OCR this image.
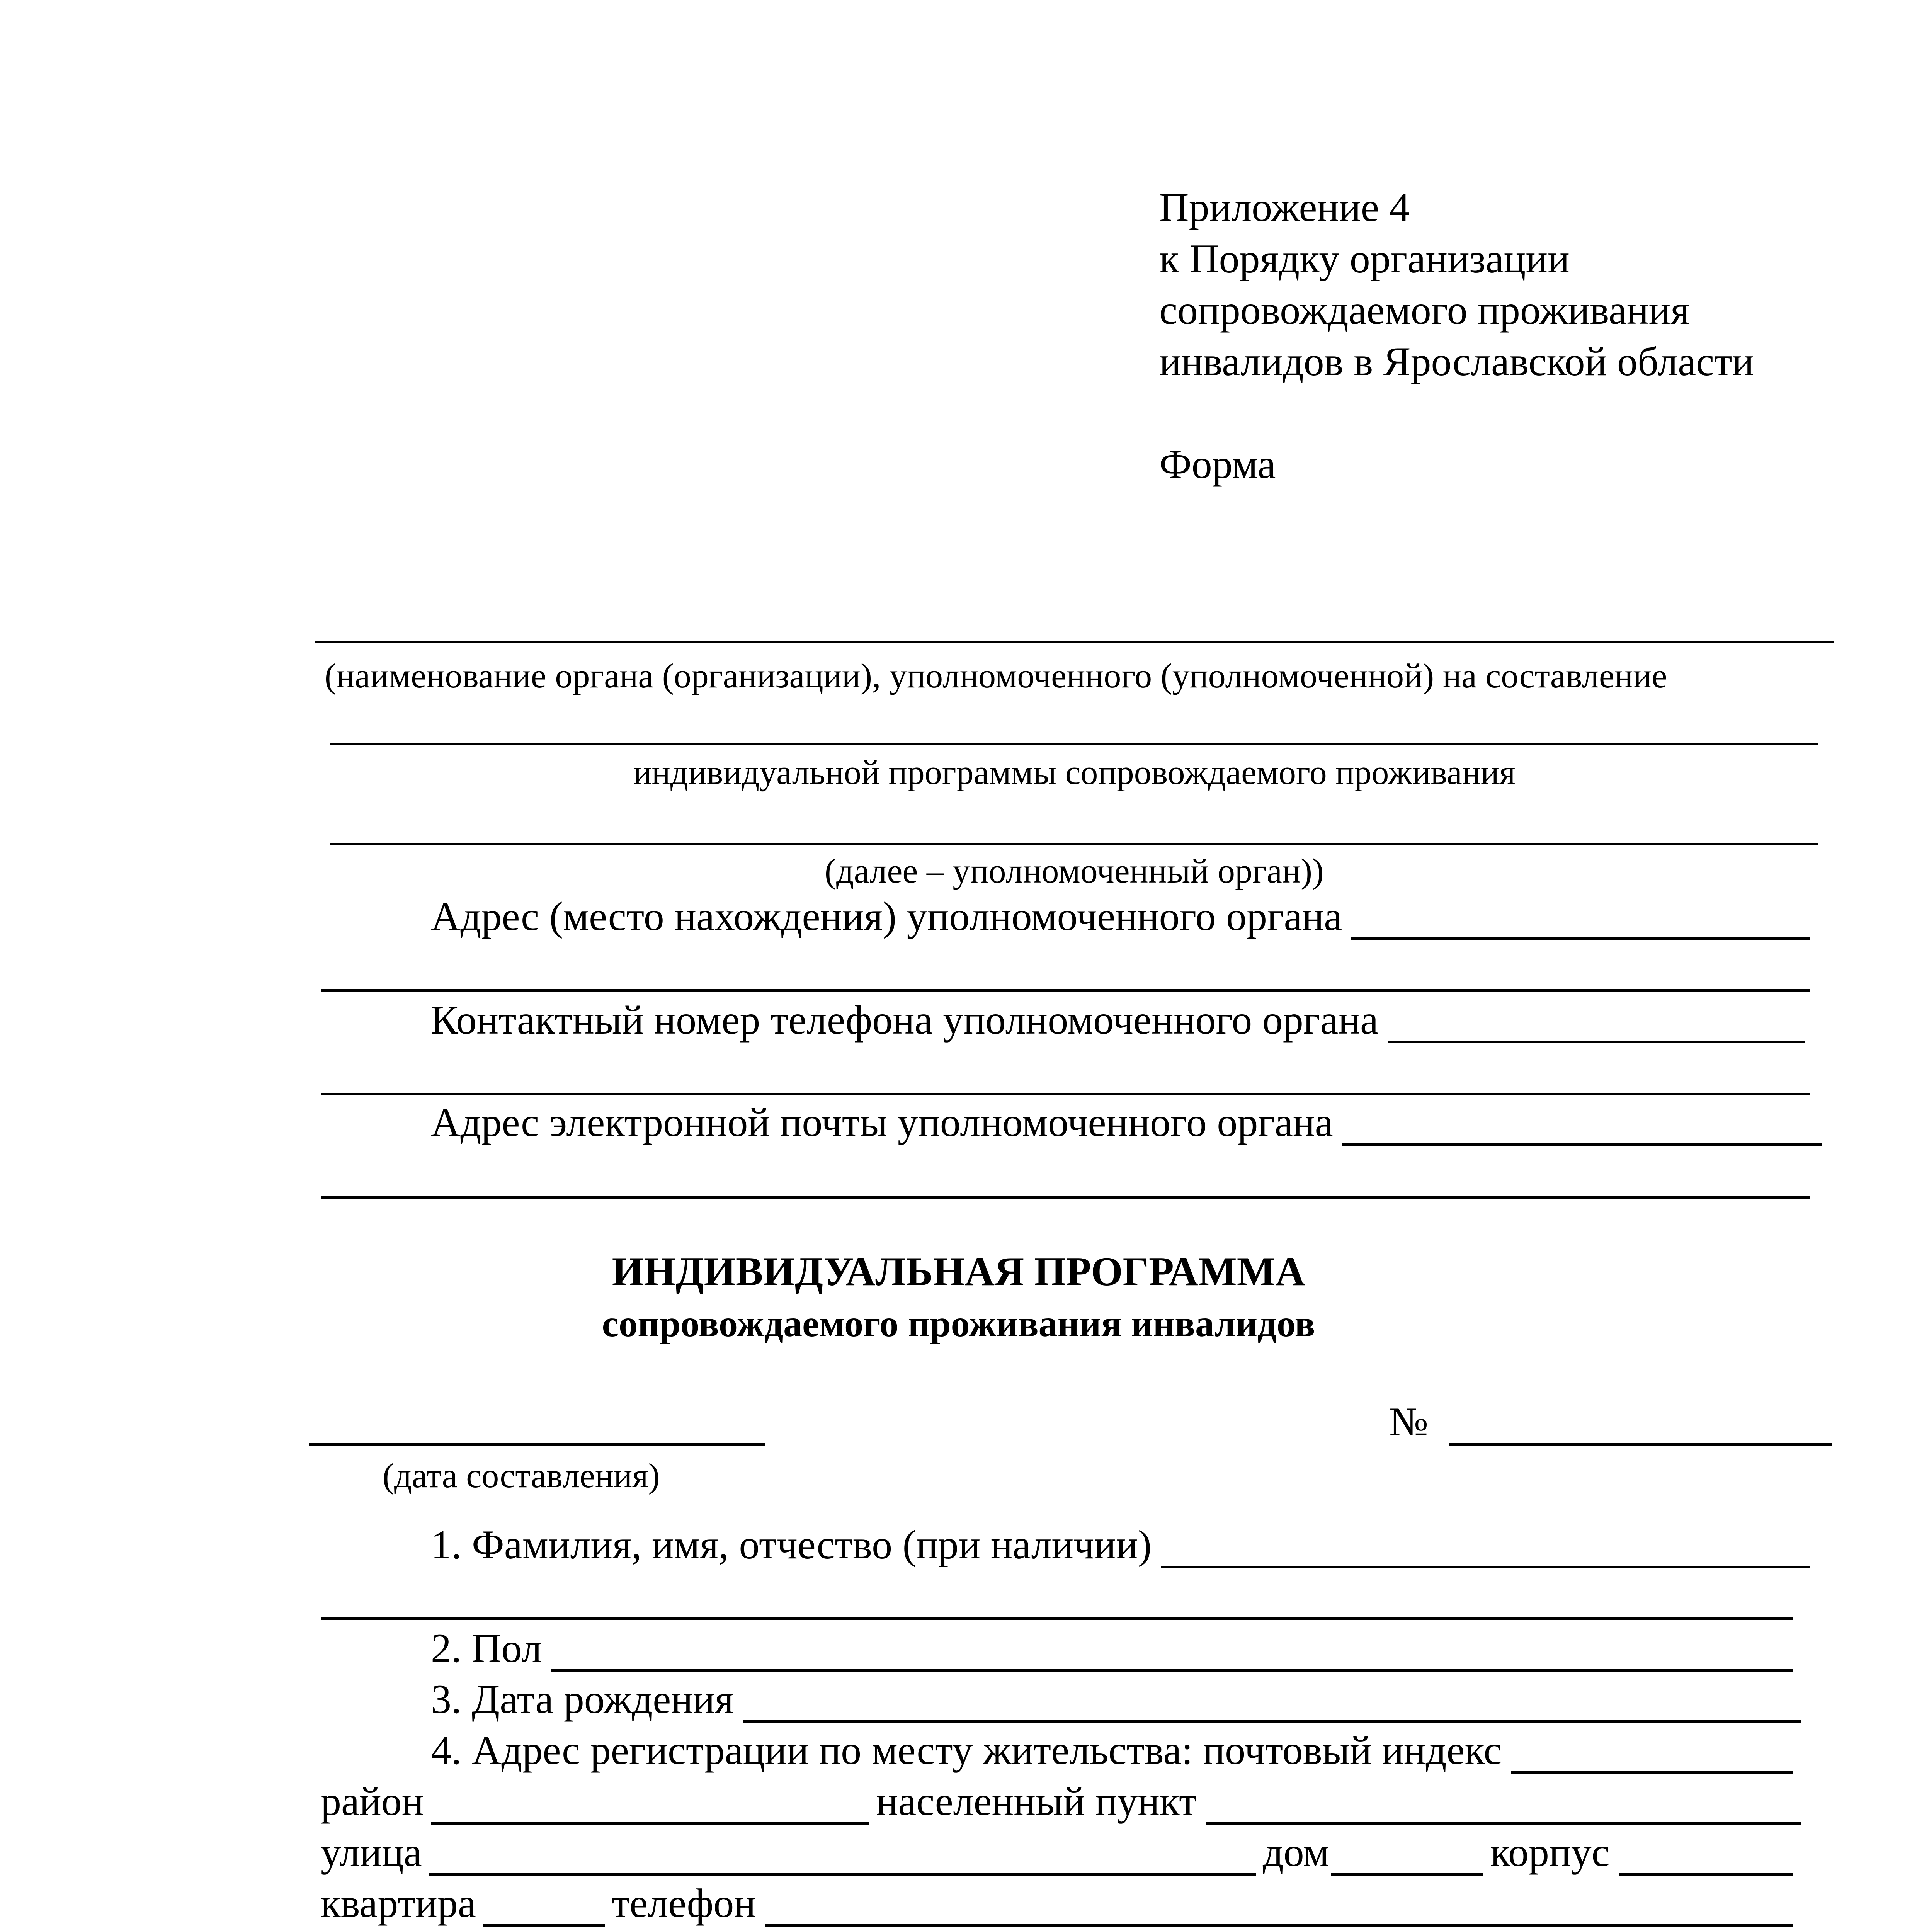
Приложение 4
к Порядку организации
сопровождаемого проживания
инвалидов в Ярославской области
Форма
(наименование органа (организации), уполномоченного (уполномоченной) на составление
индивидуальной программы сопровождаемого проживания
(далее – уполномоченный орган))
Адрес (место нахождения) уполномоченного органа
Контактный номер телефона уполномоченного органа
Адрес электронной почты уполномоченного органа
ИНДИВИДУАЛЬНАЯ ПРОГРАММА
сопровождаемого проживания инвалидов
(дата составления)
№
1. Фамилия, имя, отчество (при наличии)
2. Пол
3. Дата рождения
4. Адрес регистрации по месту жительства: почтовый индекс
район	населенный пункт
улица	дом	корпус
квартира	телефон
